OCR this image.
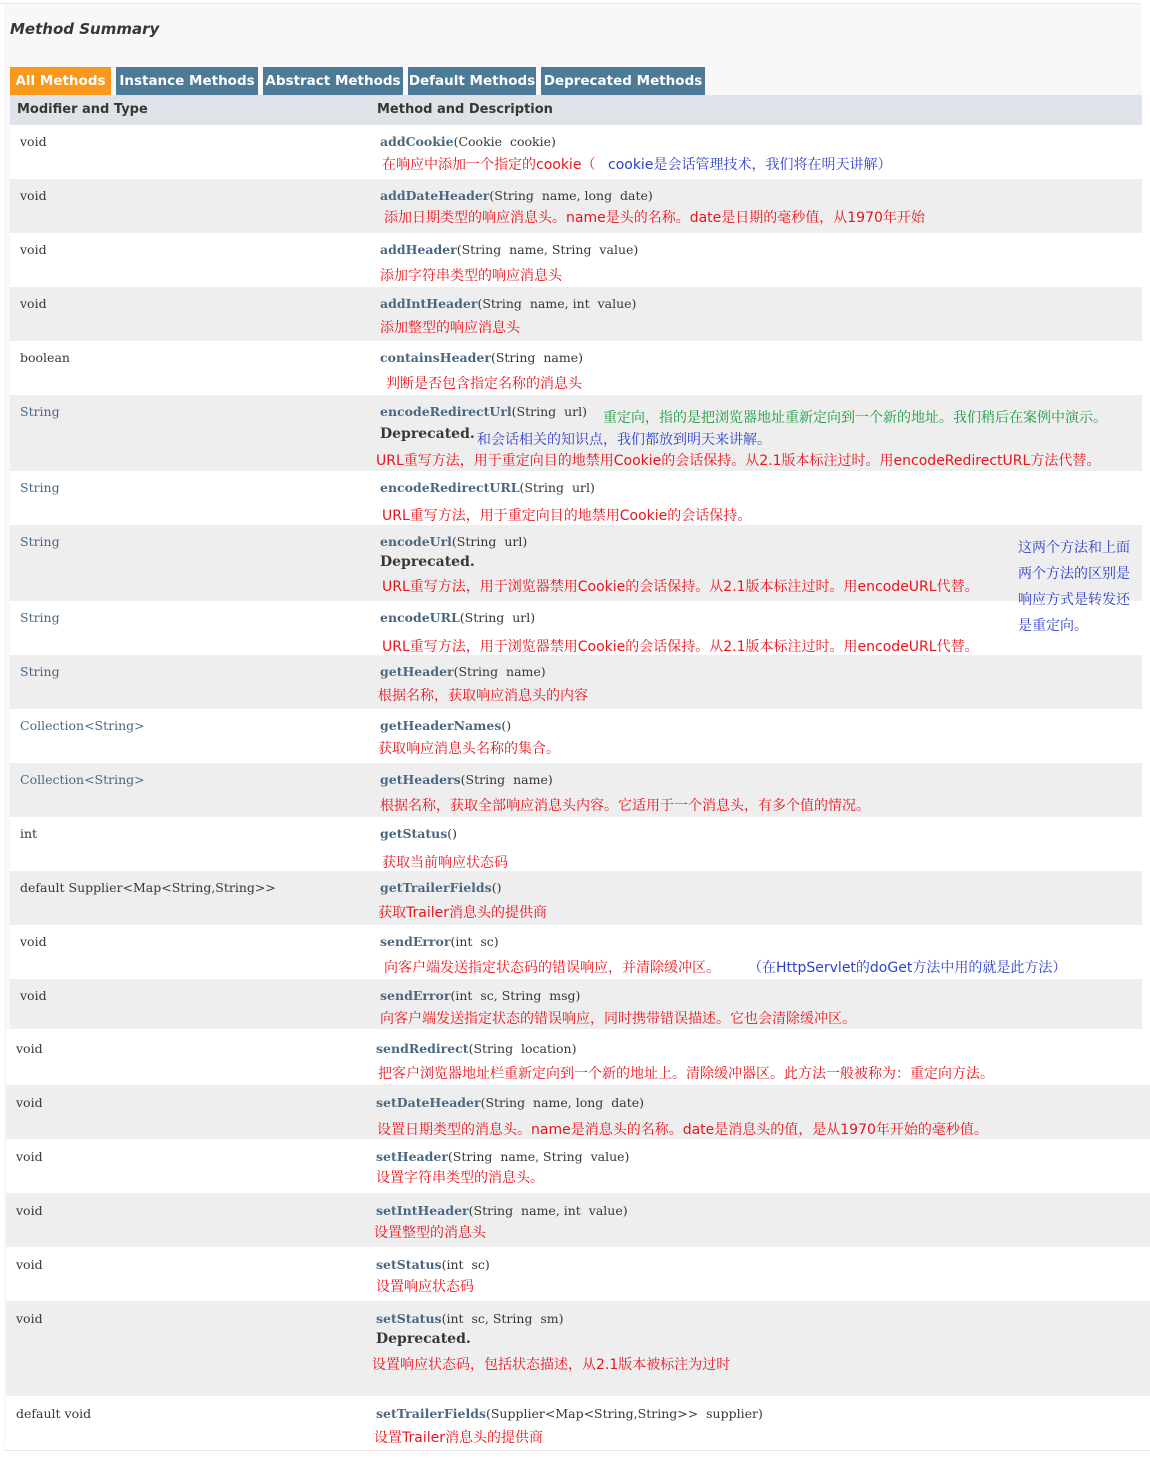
Method Summary
All Methods	Instance Methods Abstract Methods Default Methods Deprecated Methods
Modifier and Type	Method and Description
void	addCookie(Cookie  cookie)
在响应中添加一个指定的cookie（ cookie是会话管理技术，我们将在明天讲解）
void	addDateHeader(String  name, long  date)
添加日期类型的响应消息头。name是头的名称。date是日期的毫秒值，从1970年开始
void	addHeader(String  name, String  value)
添加字符串类型的响应消息头
void	addIntHeader(String  name, int  value)
添加整型的响应消息头
boolean	containsHeader(String  name)
判断是否包含指定名称的消息头
String	encodeRedirectUrl(String  url) 重定向，指的是把浏览器地址重新定向到一个新的地址。我们稍后在案例中演示。
Deprecated. 和会话相关的知识点，我们都放到明天来讲解。
URL重写方法，用于重定向目的地禁用Cookie的会话保持。从2.1版本标注过时。用encodeRedirectURL方法代替。
String	encodeRedirectURL(String  url)
URL重写方法，用于重定向目的地禁用Cookie的会话保持。
String	encodeUrl(String  url)
Deprecated.
URL重写方法，用于浏览器禁用Cookie的会话保持。从2.1版本标注过时。用encodeURL代替。
String	encodeURL(String  url)
URL重写方法，用于浏览器禁用Cookie的会话保持。从2.1版本标注过时。用encodeURL代替。
这两个方法和上面
两个方法的区别是
响应方式是转发还
是重定向。
String	getHeader(String  name)
根据名称，获取响应消息头的内容
Collection<String>	getHeaderNames()
获取响应消息头名称的集合。
Collection<String>	getHeaders(String  name)
根据名称，获取全部响应消息头内容。它适用于一个消息头，有多个值的情况。
int	getStatus()
获取当前响应状态码
default Supplier<Map<String,String>>	getTrailerFields()
获取Trailer消息头的提供商
void	sendError(int  sc)
向客户端发送指定状态码的错误响应，并清除缓冲区。 （在HttpServlet的doGet方法中用的就是此方法）
void	sendError(int  sc, String  msg)
向客户端发送指定状态的错误响应，同时携带错误描述。它也会清除缓冲区。
void	sendRedirect(String  location)
把客户浏览器地址栏重新定向到一个新的地址上。清除缓冲器区。此方法一般被称为：重定向方法。
void	setDateHeader(String  name, long  date)
设置日期类型的消息头。name是消息头的名称。date是消息头的值，是从1970年开始的毫秒值。
void	setHeader(String  name, String  value)
设置字符串类型的消息头。
void	setIntHeader(String  name, int  value)
设置整型的消息头
void	setStatus(int  sc)
设置响应状态码
void	setStatus(int  sc, String  sm)
Deprecated.
设置响应状态码，包括状态描述，从2.1版本被标注为过时
default void	setTrailerFields(Supplier<Map<String,String>>  supplier)
设置Trailer消息头的提供商
